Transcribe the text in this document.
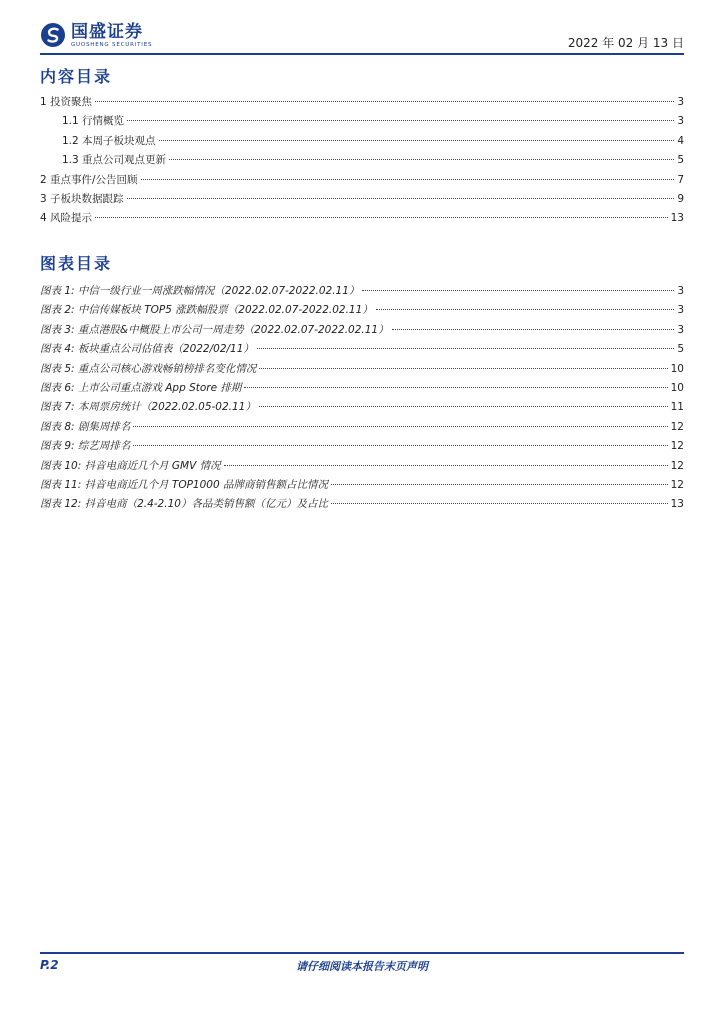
国盛证券
GUOSHENG SECURITIES	2022 年 02 月 13 日
内容目录
1 投资聚焦	3
1.1 行情概览	3
1.2 本周子板块观点	4
1.3 重点公司观点更新	5
2 重点事件/公告回顾	7
3 子板块数据跟踪	9
4 风险提示	13
图表目录
图表 1: 中信一级行业一周涨跌幅情况（2022.02.07-2022.02.11）	3
图表 2: 中信传媒板块 TOP5 涨跌幅股票（2022.02.07-2022.02.11）	3
图表 3: 重点港股&中概股上市公司一周走势（2022.02.07-2022.02.11）	3
图表 4: 板块重点公司估值表（2022/02/11）	5
图表 5: 重点公司核心游戏畅销榜排名变化情况	10
图表 6: 上市公司重点游戏 App Store 排期	10
图表 7: 本周票房统计（2022.02.05-02.11）	11
图表 8: 剧集周排名	12
图表 9: 综艺周排名	12
图表 10: 抖音电商近几个月 GMV 情况	12
图表 11: 抖音电商近几个月 TOP1000 品牌商销售额占比情况	12
图表 12: 抖音电商（2.4-2.10）各品类销售额（亿元）及占比	13
请仔细阅读本报告末页声明
P.2
